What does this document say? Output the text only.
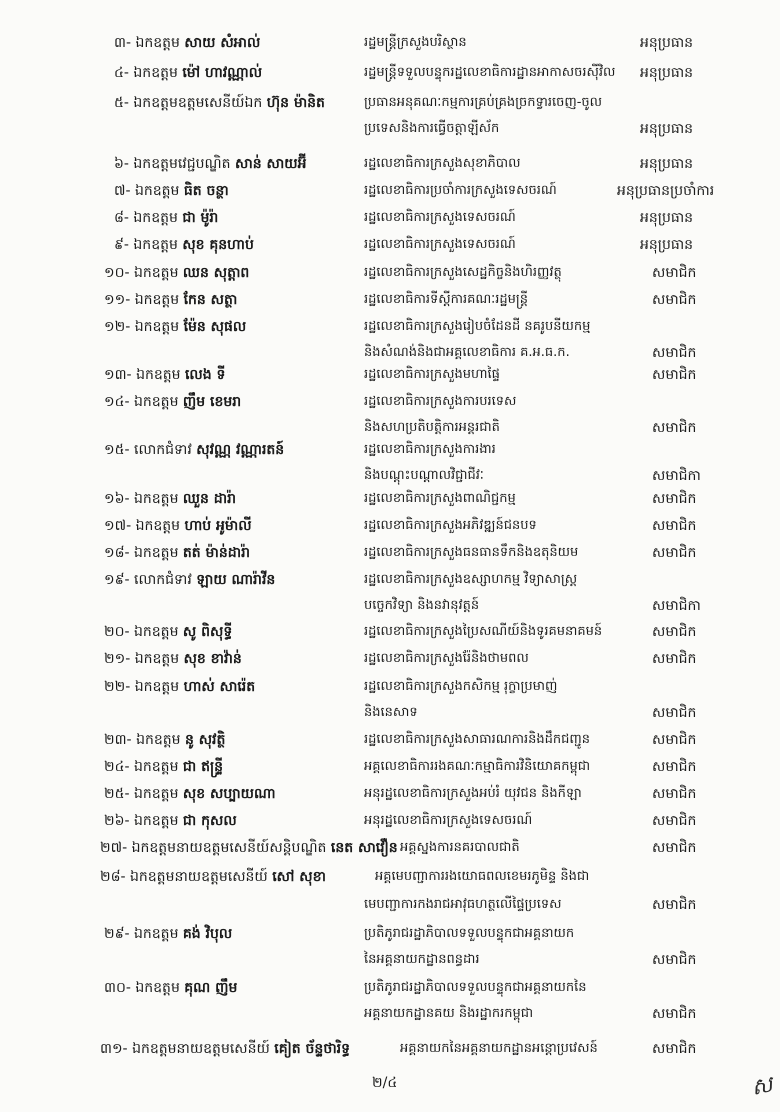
៣- ឯកឧត្តម សាយ សំអាល់	រដ្ឋមន្ត្រីក្រសួងបរិស្ថាន	អនុប្រធាន
៤- ឯកឧត្តម ម៉ៅ ហាវណ្ណាល់	រដ្ឋមន្ត្រីទទួលបន្ទុករដ្ឋលេខាធិការដ្ឋានអាកាសចរស៊ីវិល អនុប្រធាន
៥- ឯកឧត្តមឧត្តមសេនីយ៍ឯក ហ៊ុន ម៉ានិត	ប្រធានអនុគណៈកម្មការគ្រប់គ្រងច្រកទ្វារចេញ-ចូល
ប្រទេសនិងការធ្វើចត្តាឡីស័ក	អនុប្រធាន
៦- ឯកឧត្តមវេជ្ជបណ្ឌិត សាន់ សាយអ៊ី	រដ្ឋលេខាធិការក្រសួងសុខាភិបាល	អនុប្រធាន
៧- ឯកឧត្តម ធិត ចន្ថា	រដ្ឋលេខាធិការប្រចាំការក្រសួងទេសចរណ៍	អនុប្រធានប្រចាំការ
៨- ឯកឧត្តម ជា ម៉ូរ៉ា	រដ្ឋលេខាធិការក្រសួងទេសចរណ៍	អនុប្រធាន
៩- ឯកឧត្តម សុខ គុនហាប់	រដ្ឋលេខាធិការក្រសួងទេសចរណ៍	អនុប្រធាន
១០- ឯកឧត្តម ឈន សុត្តាព	រដ្ឋលេខាធិការក្រសួងសេដ្ឋកិច្ចនិងហិរញ្ញវត្ថុ	សមាជិក
១១- ឯកឧត្តម កែន សត្ថា	រដ្ឋលេខាធិការទីស្តីការគណៈរដ្ឋមន្ត្រី	សមាជិក
១២- ឯកឧត្តម ម៉ែន សុផល	រដ្ឋលេខាធិការក្រសួងរៀបចំដែនដី នគរូបនីយកម្ម
និងសំណង់និងជាអគ្គលេខាធិការ គ.អ.ធ.ក.	សមាជិក
១៣- ឯកឧត្តម លេង ទី	រដ្ឋលេខាធិការក្រសួងមហាផ្ទៃ	សមាជិក
១៤- ឯកឧត្តម ញឹម ខេមរា	រដ្ឋលេខាធិការក្រសួងការបរទេស
និងសហប្រតិបត្តិការអន្តរជាតិ	សមាជិក
១៥- លោកជំទាវ សុវណ្ណ វណ្ណារតន៍	រដ្ឋលេខាធិការក្រសួងការងារ
និងបណ្តុះបណ្តាលវិជ្ជាជីវៈ	សមាជិកា
១៦- ឯកឧត្តម ឈួន ដារ៉ា	រដ្ឋលេខាធិការក្រសួងពាណិជ្ជកម្ម	សមាជិក
១៧- ឯកឧត្តម ហាប់ អូម៉ាលី	រដ្ឋលេខាធិការក្រសួងអភិវឌ្ឍន៍ជនបទ	សមាជិក
១៨- ឯកឧត្តម តត់ ម៉ាន់ដារ៉ា	រដ្ឋលេខាធិការក្រសួងធនធានទឹកនិងឧតុនិយម	សមាជិក
១៩- លោកជំទាវ ឡាយ ណារ៉ាវីន	រដ្ឋលេខាធិការក្រសួងឧស្សាហកម្ម វិទ្យាសាស្ត្រ
បច្ចេកវិទ្យា និងនវានុវត្តន៍	សមាជិកា
២០- ឯកឧត្តម សូ ពិសុទ្ធី	រដ្ឋលេខាធិការក្រសួងប្រៃសណីយ៍និងទូរគមនាគមន៍	សមាជិក
២១- ឯកឧត្តម សុខ ខាវ៉ាន់	រដ្ឋលេខាធិការក្រសួងរ៉ែនិងថាមពល	សមាជិក
២២- ឯកឧត្តម ហាស់ សារ៉េត	រដ្ឋលេខាធិការក្រសួងកសិកម្ម រុក្ខាប្រមាញ់
និងនេសាទ	សមាជិក
២៣- ឯកឧត្តម នូ សុវត្ថិ	រដ្ឋលេខាធិការក្រសួងសាធារណការនិងដឹកជញ្ជូន	សមាជិក
២៤- ឯកឧត្តម ជា ឥន្ទ្រី	អគ្គលេខាធិការរងគណៈកម្មាធិការវិនិយោគកម្ពុជា	សមាជិក
២៥- ឯកឧត្តម សុខ សប្បាយណា	អនុរដ្ឋលេខាធិការក្រសួងអប់រំ យុវជន និងកីឡា	សមាជិក
២៦- ឯកឧត្តម ជា កុសល	អនុរដ្ឋលេខាធិការក្រសួងទេសចរណ៍	សមាជិក
២៧- ឯកឧត្តមនាយឧត្តមសេនីយ៍សន្តិបណ្ឌិត នេត សាវឿន អគ្គស្នងការនគរបាលជាតិ	សមាជិក
២៨- ឯកឧត្តមនាយឧត្តមសេនីយ៍ សៅ សុខា	អគ្គមេបញ្ជាការរងយោធពលខេមរភូមិន្ទ និងជា
មេបញ្ជាការកងរាជអាវុធហត្ថលើផ្ទៃប្រទេស	សមាជិក
២៩- ឯកឧត្តម គង់ វិបុល	ប្រតិភូរាជរដ្ឋាភិបាលទទួលបន្ទុកជាអគ្គនាយក
នៃអគ្គនាយកដ្ឋានពន្ធដារ	សមាជិក
៣០- ឯកឧត្តម គុណ ញឹម	ប្រតិភូរាជរដ្ឋាភិបាលទទួលបន្ទុកជាអគ្គនាយកនៃ
អគ្គនាយកដ្ឋានគយ និងរដ្ឋាករកម្ពុជា	សមាជិក
៣១- ឯកឧត្តមនាយឧត្តមសេនីយ៍ គៀត ច័ន្ទថារិទ្ធ	អគ្គនាយកនៃអគ្គនាយកដ្ឋានអន្តោប្រវេសន៍	សមាជិក
២/៤	ស
